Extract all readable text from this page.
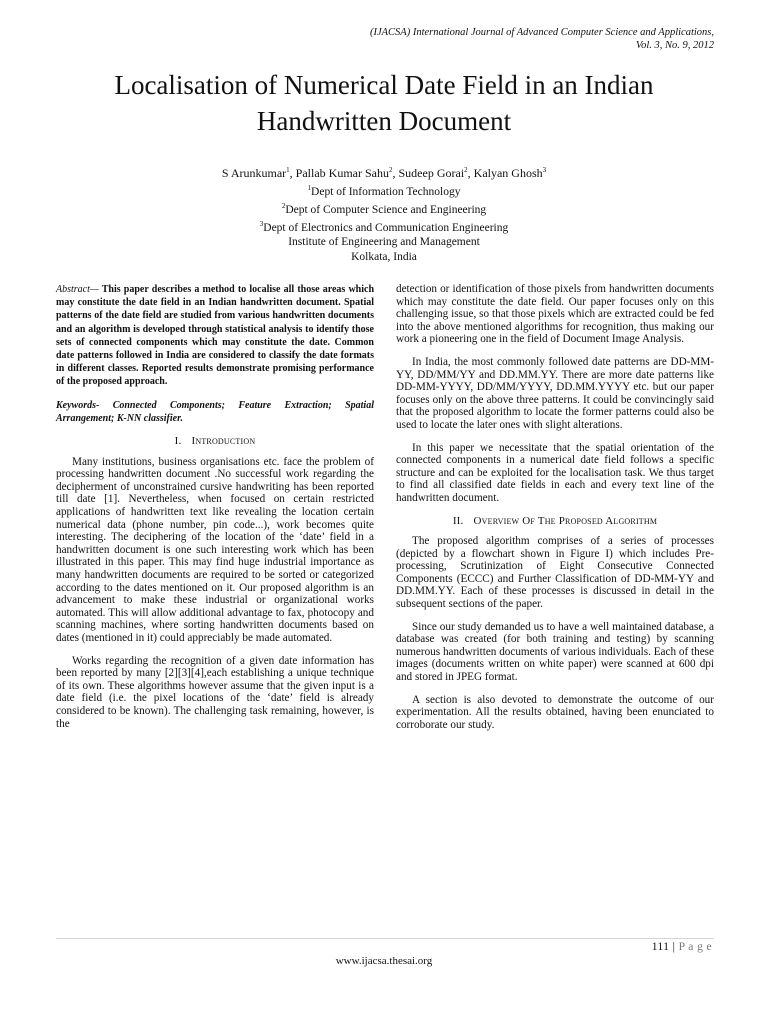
(IJACSA) International Journal of Advanced Computer Science and Applications,
Vol. 3, No. 9, 2012
Localisation of Numerical Date Field in an Indian
Handwritten Document
S Arunkumar$^1$, Pallab Kumar Sahu$^2$, Sudeep Gorai$^2$, Kalyan Ghosh$^3$
$^1$Dept of Information Technology
$^2$Dept of Computer Science and Engineering
$^3$Dept of Electronics and Communication Engineering
Institute of Engineering and Management
Kolkata, India

Abstract— This paper describes a method to localise all those areas which may constitute the date field in an Indian handwritten document. Spatial patterns of the date field are studied from various handwritten documents and an algorithm is developed through statistical analysis to identify those sets of connected components which may constitute the date. Common date patterns followed in India are considered to classify the date formats in different classes. Reported results demonstrate promising performance of the proposed approach.

Keywords- Connected Components; Feature Extraction; Spatial Arrangement; K-NN classifier.

I. Introduction

Many institutions, business organisations etc. face the problem of processing handwritten document .No successful work regarding the decipherment of unconstrained cursive handwriting has been reported till date [1]. Nevertheless, when focused on certain restricted applications of handwritten text like revealing the location certain numerical data (phone number, pin code...), work becomes quite interesting. The deciphering of the location of the ‘date’ field in a handwritten document is one such interesting work which has been illustrated in this paper. This may find huge industrial importance as many handwritten documents are required to be sorted or categorized according to the dates mentioned on it. Our proposed algorithm is an advancement to make these industrial or organizational works automated. This will allow additional advantage to fax, photocopy and scanning machines, where sorting handwritten documents based on dates (mentioned in it) could appreciably be made automated.

Works regarding the recognition of a given date information has been reported by many [2][3][4],each establishing a unique technique of its own. These algorithms however assume that the given input is a date field (i.e. the pixel locations of the ‘date’ field is already considered to be known). The challenging task remaining, however, is the

detection or identification of those pixels from handwritten documents which may constitute the date field. Our paper focuses only on this challenging issue, so that those pixels which are extracted could be fed into the above mentioned algorithms for recognition, thus making our work a pioneering one in the field of Document Image Analysis.

In India, the most commonly followed date patterns are DD-MM-YY, DD/MM/YY and DD.MM.YY. There are more date patterns like DD-MM-YYYY, DD/MM/YYYY, DD.MM.YYYY etc. but our paper focuses only on the above three patterns. It could be convincingly said that the proposed algorithm to locate the former patterns could also be used to locate the later ones with slight alterations.

In this paper we necessitate that the spatial orientation of the connected components in a numerical date field follows a specific structure and can be exploited for the localisation task. We thus target to find all classified date fields in each and every text line of the handwritten document.

II. Overview Of The Proposed Algorithm

The proposed algorithm comprises of a series of processes (depicted by a flowchart shown in Figure I) which includes Pre-processing, Scrutinization of Eight Consecutive Connected Components (ECCC) and Further Classification of DD-MM-YY and DD.MM.YY. Each of these processes is discussed in detail in the subsequent sections of the paper.

Since our study demanded us to have a well maintained database, a database was created (for both training and testing) by scanning numerous handwritten documents of various individuals. Each of these images (documents written on white paper) were scanned at 600 dpi and stored in JPEG format.

A section is also devoted to demonstrate the outcome of our experimentation. All the results obtained, having been enunciated to corroborate our study.

111 | P a g e
www.ijacsa.thesai.org
